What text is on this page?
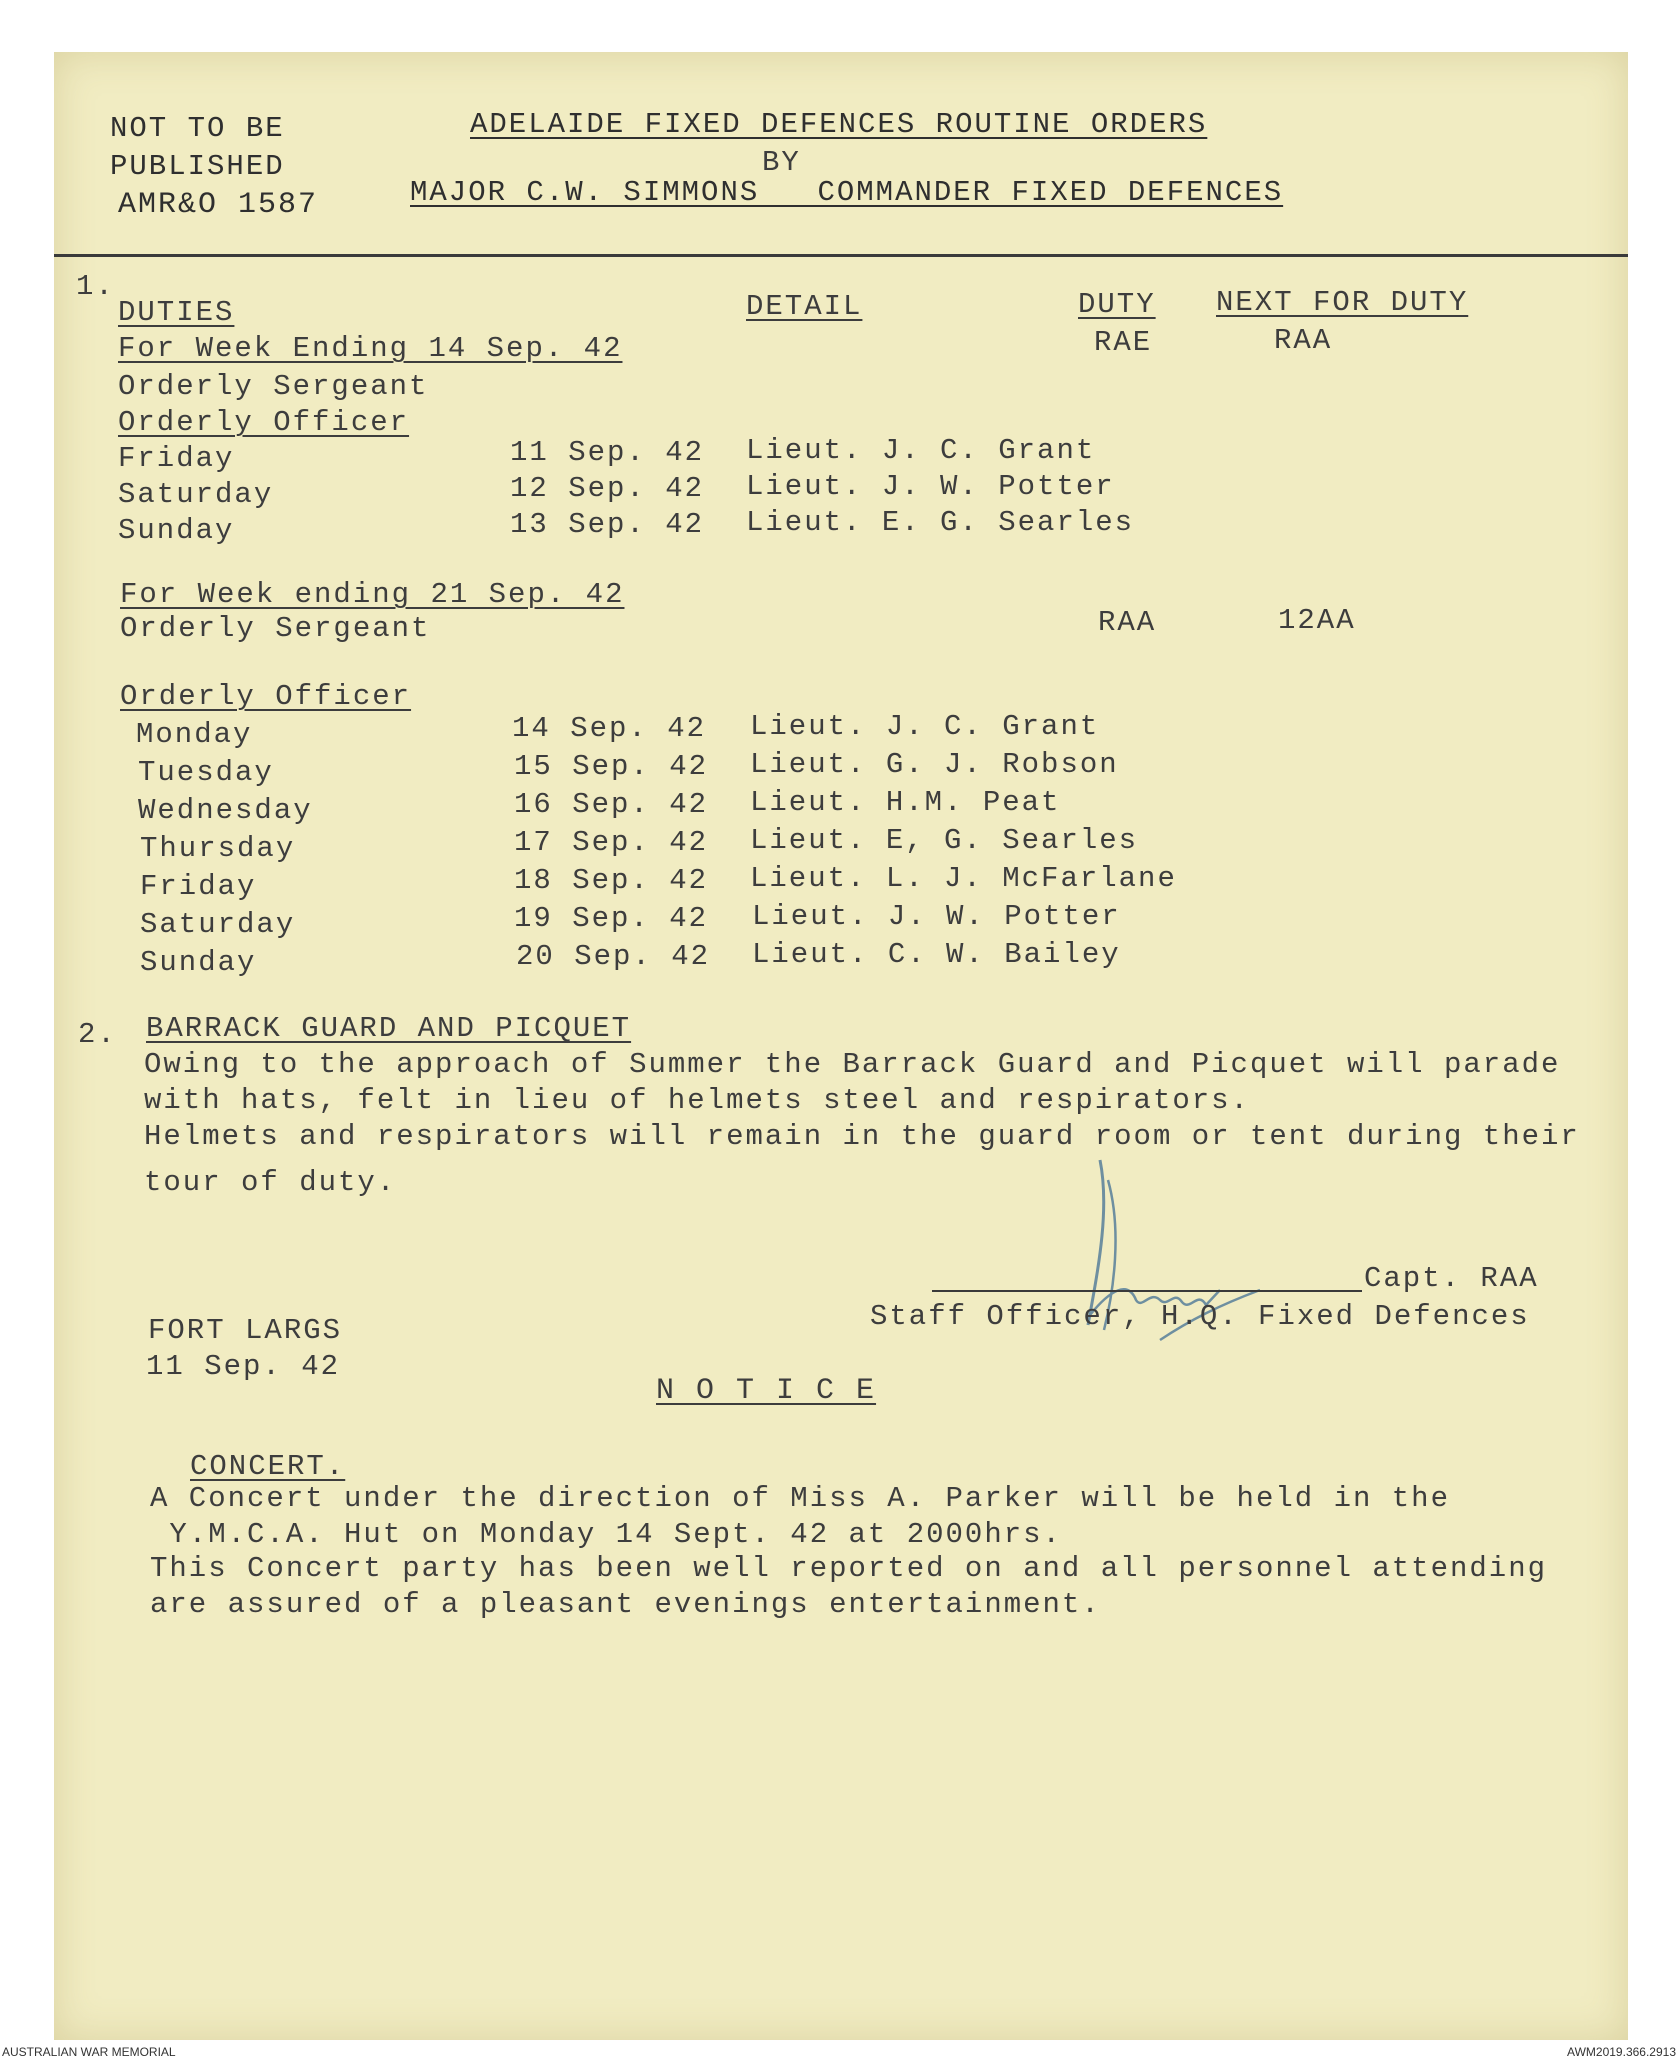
NOT TO BE
PUBLISHED
AMR&O 1587
ADELAIDE FIXED DEFENCES ROUTINE ORDERS
BY
MAJOR C.W. SIMMONS   COMMANDER FIXED DEFENCES
1.
DUTIES	DETAIL	DUTY NEXT FOR DUTY
For Week Ending 14 Sep. 42	RAE	RAA
Orderly Sergeant
Orderly Officer
Friday	11 Sep. 42 Lieut. J. C. Grant
Saturday	12 Sep. 42 Lieut. J. W. Potter
Sunday	13 Sep. 42 Lieut. E. G. Searles
For Week ending 21 Sep. 42
Orderly Sergeant	RAA	12AA
Orderly Officer
Monday	14 Sep. 42 Lieut. J. C. Grant
Tuesday	15 Sep. 42 Lieut. G. J. Robson
Wednesday	16 Sep. 42 Lieut. H.M. Peat
Thursday	17 Sep. 42 Lieut. E, G. Searles
Friday	18 Sep. 42 Lieut. L. J. McFarlane
Saturday	19 Sep. 42 Lieut. J. W. Potter
Sunday	20 Sep. 42 Lieut. C. W. Bailey
2. BARRACK GUARD AND PICQUET
Owing to the approach of Summer the Barrack Guard and Picquet will parade
with hats, felt in lieu of helmets steel and respirators.
Helmets and respirators will remain in the guard room or tent during their
tour of duty.
Capt. RAA
Staff Officer, H.Q. Fixed Defences
FORT LARGS
11 Sep. 42
N O T I C E
CONCERT.
A Concert under the direction of Miss A. Parker will be held in the
Y.M.C.A. Hut on Monday 14 Sept. 42 at 2000hrs.
This Concert party has been well reported on and all personnel attending
are assured of a pleasant evenings entertainment.
AUSTRALIAN WAR MEMORIAL	AWM2019.366.2913
